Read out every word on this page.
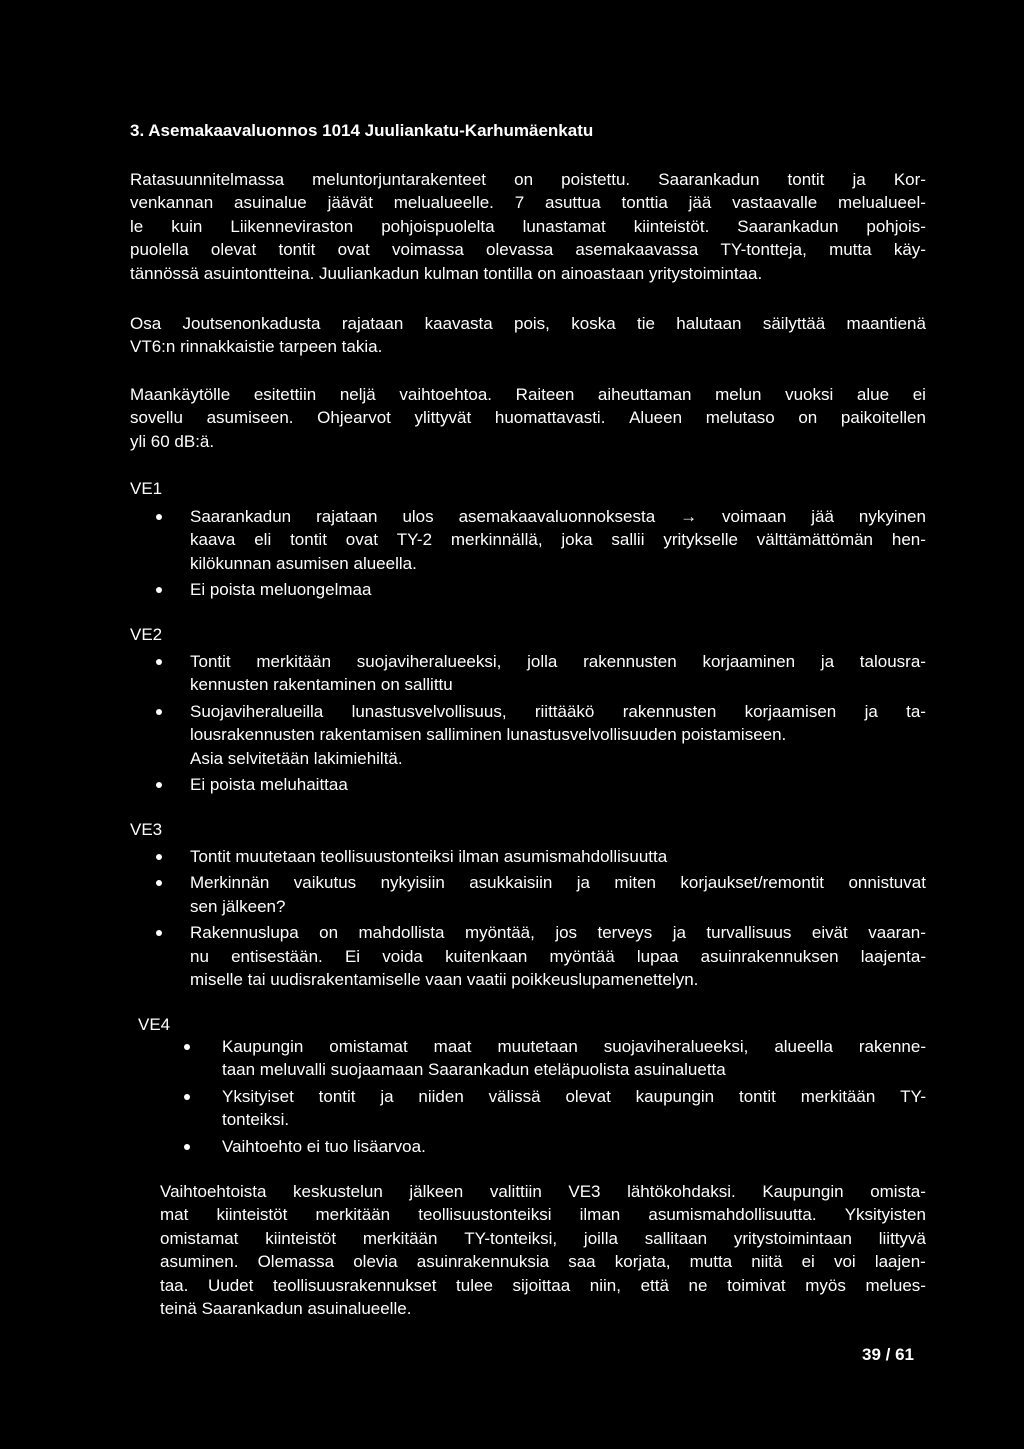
3. Asemakaavaluonnos 1014 Juuliankatu-Karhumäenkatu
Ratasuunnitelmassa meluntorjuntarakenteet on poistettu. Saarankadun tontit ja Kor-
venkannan asuinalue jäävät melualueelle. 7 asuttua tonttia jää vastaavalle melualueel-
le kuin Liikenneviraston pohjoispuolelta lunastamat kiinteistöt. Saarankadun pohjois-
puolella olevat tontit ovat voimassa olevassa asemakaavassa TY-tontteja, mutta käy-
tännössä asuintontteina. Juuliankadun kulman tontilla on ainoastaan yritystoimintaa.
Osa Joutsenonkadusta rajataan kaavasta pois, koska tie halutaan säilyttää maantienä
VT6:n rinnakkaistie tarpeen takia.
Maankäytölle esitettiin neljä vaihtoehtoa. Raiteen aiheuttaman melun vuoksi alue ei
sovellu asumiseen. Ohjearvot ylittyvät huomattavasti. Alueen melutaso on paikoitellen
yli 60 dB:ä.
VE1
Saarankadun rajataan ulos asemakaavaluonnoksesta → voimaan jää nykyinen
kaava eli tontit ovat TY-2 merkinnällä, joka sallii yritykselle välttämättömän hen-
kilökunnan asumisen alueella.
Ei poista meluongelmaa
VE2
Tontit merkitään suojaviheralueeksi, jolla rakennusten korjaaminen ja talousra-
kennusten rakentaminen on sallittu
Suojaviheralueilla lunastusvelvollisuus, riittääkö rakennusten korjaamisen ja ta-
lousrakennusten rakentamisen salliminen lunastusvelvollisuuden poistamiseen.
Asia selvitetään lakimiehiltä.
Ei poista meluhaittaa
VE3
Tontit muutetaan teollisuustonteiksi ilman asumismahdollisuutta
Merkinnän vaikutus nykyisiin asukkaisiin ja miten korjaukset/remontit onnistuvat
sen jälkeen?
Rakennuslupa on mahdollista myöntää, jos terveys ja turvallisuus eivät vaaran-
nu entisestään. Ei voida kuitenkaan myöntää lupaa asuinrakennuksen laajenta-
miselle tai uudisrakentamiselle vaan vaatii poikkeuslupamenettelyn.
VE4
Kaupungin omistamat maat muutetaan suojaviheralueeksi, alueella rakenne-
taan meluvalli suojaamaan Saarankadun eteläpuolista asuinaluetta
Yksityiset tontit ja niiden välissä olevat kaupungin tontit merkitään TY-
tonteiksi.
Vaihtoehto ei tuo lisäarvoa.
Vaihtoehtoista keskustelun jälkeen valittiin VE3 lähtökohdaksi. Kaupungin omista-
mat kiinteistöt merkitään teollisuustonteiksi ilman asumismahdollisuutta. Yksityisten
omistamat kiinteistöt merkitään TY-tonteiksi, joilla sallitaan yritystoimintaan liittyvä
asuminen. Olemassa olevia asuinrakennuksia saa korjata, mutta niitä ei voi laajen-
taa. Uudet teollisuusrakennukset tulee sijoittaa niin, että ne toimivat myös melues-
teinä Saarankadun asuinalueelle.
39 / 61
